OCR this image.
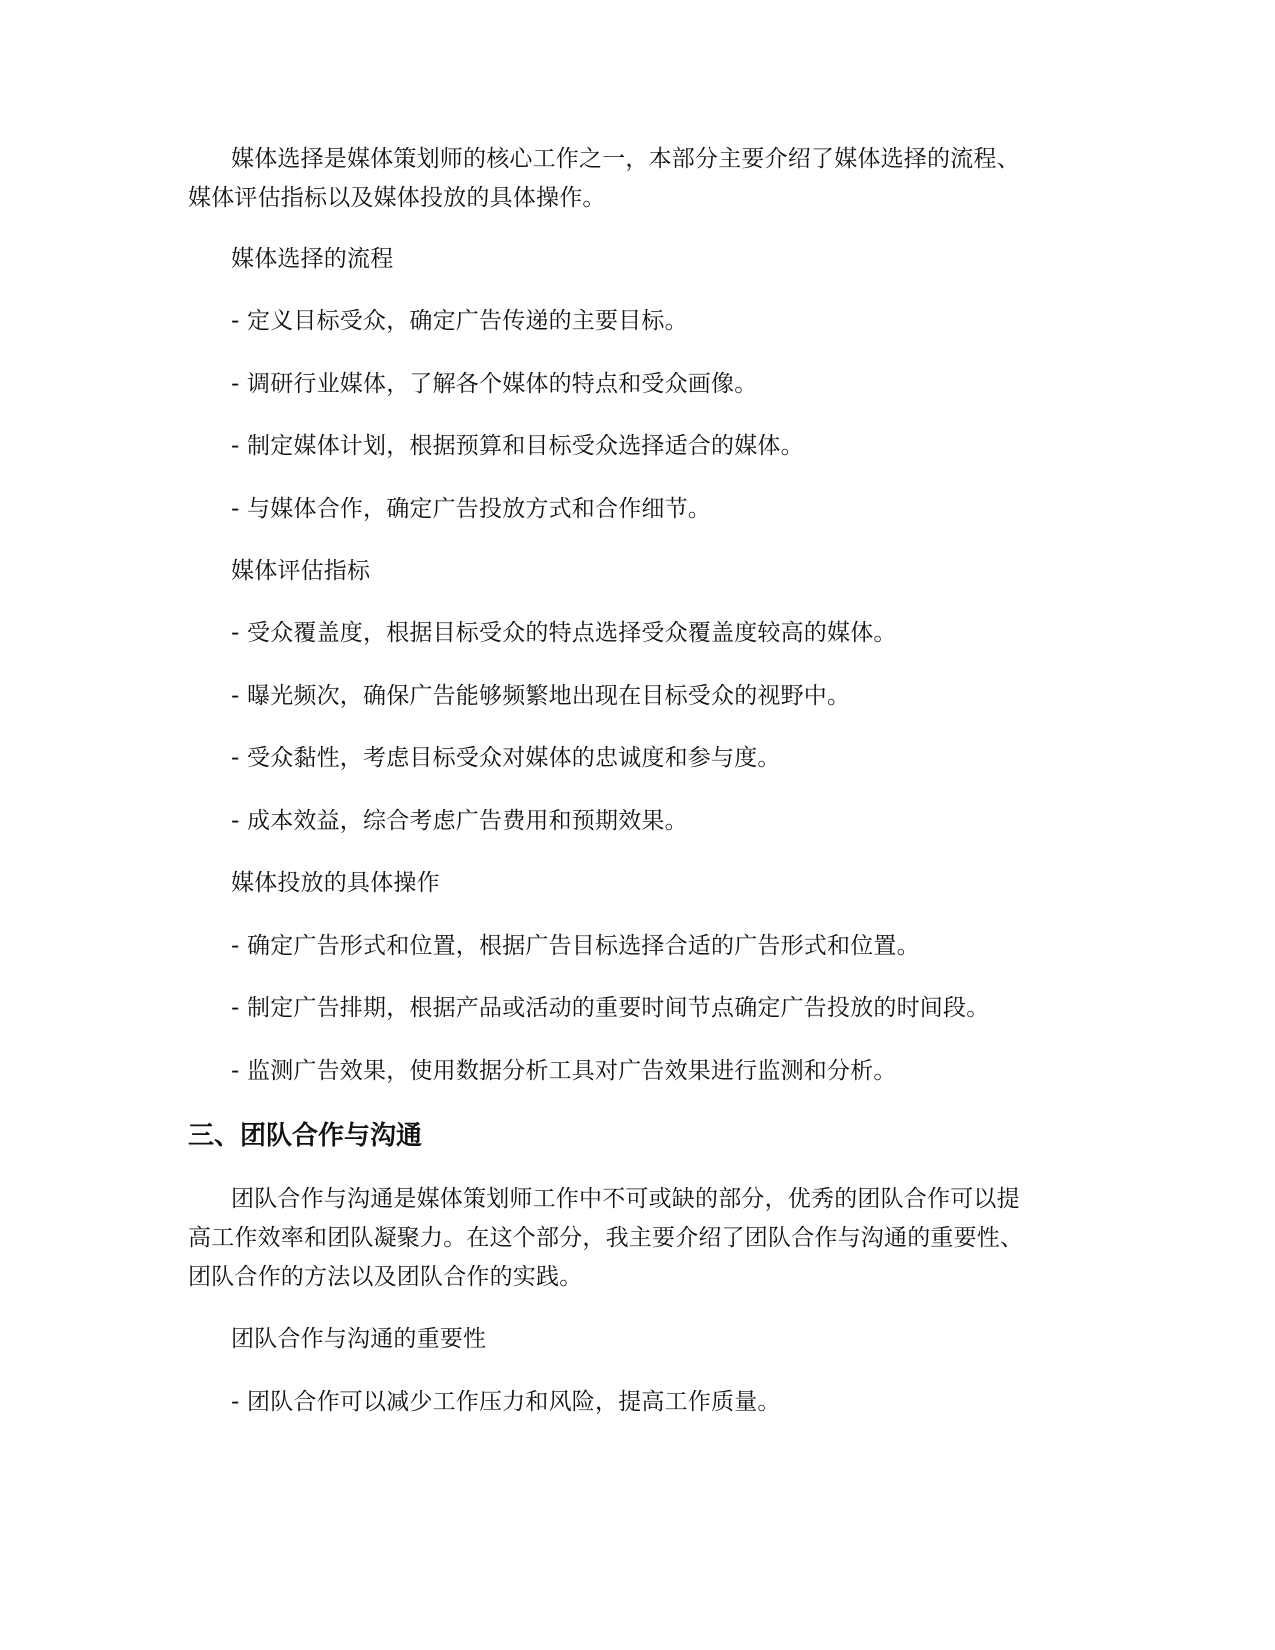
媒体选择是媒体策划师的核心工作之一，本部分主要介绍了媒体选择的流程、
媒体评估指标以及媒体投放的具体操作。
媒体选择的流程
- 定义目标受众，确定广告传递的主要目标。
- 调研行业媒体，了解各个媒体的特点和受众画像。
- 制定媒体计划，根据预算和目标受众选择适合的媒体。
- 与媒体合作，确定广告投放方式和合作细节。
媒体评估指标
- 受众覆盖度，根据目标受众的特点选择受众覆盖度较高的媒体。
- 曝光频次，确保广告能够频繁地出现在目标受众的视野中。
- 受众黏性，考虑目标受众对媒体的忠诚度和参与度。
- 成本效益，综合考虑广告费用和预期效果。
媒体投放的具体操作
- 确定广告形式和位置，根据广告目标选择合适的广告形式和位置。
- 制定广告排期，根据产品或活动的重要时间节点确定广告投放的时间段。
- 监测广告效果，使用数据分析工具对广告效果进行监测和分析。
三、团队合作与沟通
团队合作与沟通是媒体策划师工作中不可或缺的部分，优秀的团队合作可以提
高工作效率和团队凝聚力。在这个部分，我主要介绍了团队合作与沟通的重要性、
团队合作的方法以及团队合作的实践。
团队合作与沟通的重要性
- 团队合作可以减少工作压力和风险，提高工作质量。
